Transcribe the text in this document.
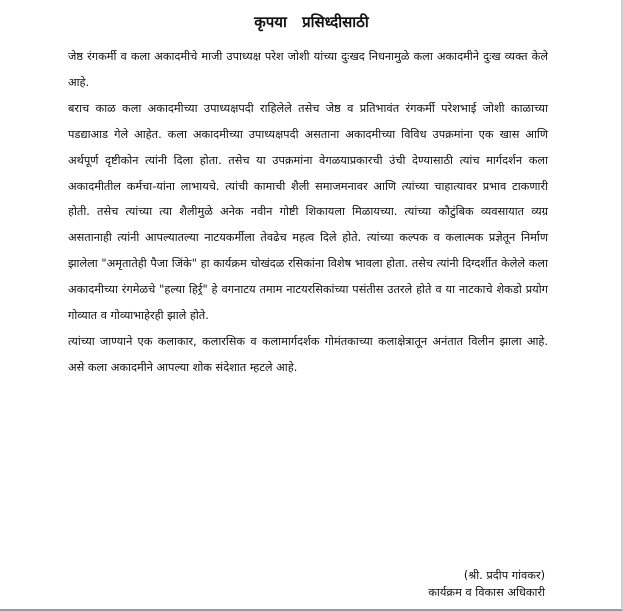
कृपया प्रसिध्दीसाठी

जेष्ठ रंगकर्मी व कला अकादमीचे माजी उपाध्यक्ष परेश जोशी यांच्या दुःखद निधनामुळे कला अकादमीने दुःख व्यक्त केले आहे.

बराच काळ कला अकादमीच्या उपाध्यक्षपदी राहिलेले तसेच जेष्ठ व प्रतिभावंत रंगकर्मी परेशभाई जोशी काळाच्या पडद्याआड गेले आहेत. कला अकादमीच्या उपाध्यक्षपदी असताना अकादमीच्या विविध उपक्रमांना एक खास आणि अर्थपूर्ण दृष्टीकोन त्यांनी दिला होता. तसेच या उपक्रमांना वेगळयाप्रकारची उंची देण्यासाठी त्यांच मार्गदर्शन कला अकादमीतील कर्मचा-यांना लाभायचे. त्यांची कामाची शैली समाजमनावर आणि त्यांच्या चाहात्यावर प्रभाव टाकणारी होती. तसेच त्यांच्या त्या शैलीमुळे अनेक नवीन गोष्टी शिकायला मिळायच्या. त्यांच्या कौटुंबिक व्यवसायात व्यग्र असतानाही त्यांनी आपल्यातल्या नाटयकर्मीला तेवढेच महत्व दिले होते. त्यांच्या कल्पक व कलात्मक प्रज्ञेतून निर्माण झालेला "अमृतातेही पैजा जिंके" हा कार्यक्रम चोखंदळ रसिकांना विशेष भावला होता. तसेच त्यांनी दिग्दर्शीत केलेले कला अकादमीच्या रंगमेळचे "हल्या हिर्र्र" हे वगनाटय तमाम नाटयरसिकांच्या पसंतीस उतरले होते व या नाटकाचे शेकडो प्रयोग गोव्यात व गोव्याभाहेरही झाले होते.

त्यांच्या जाण्याने एक कलाकार, कलारसिक व कलामार्गदर्शक गोमंतकाच्या कलाक्षेत्रातून अनंतात विलीन झाला आहे. असे कला अकादमीने आपल्या शोक संदेशात म्हटले आहे.

(श्री. प्रदीप गांवकर)
कार्यक्रम व विकास अधिकारी
